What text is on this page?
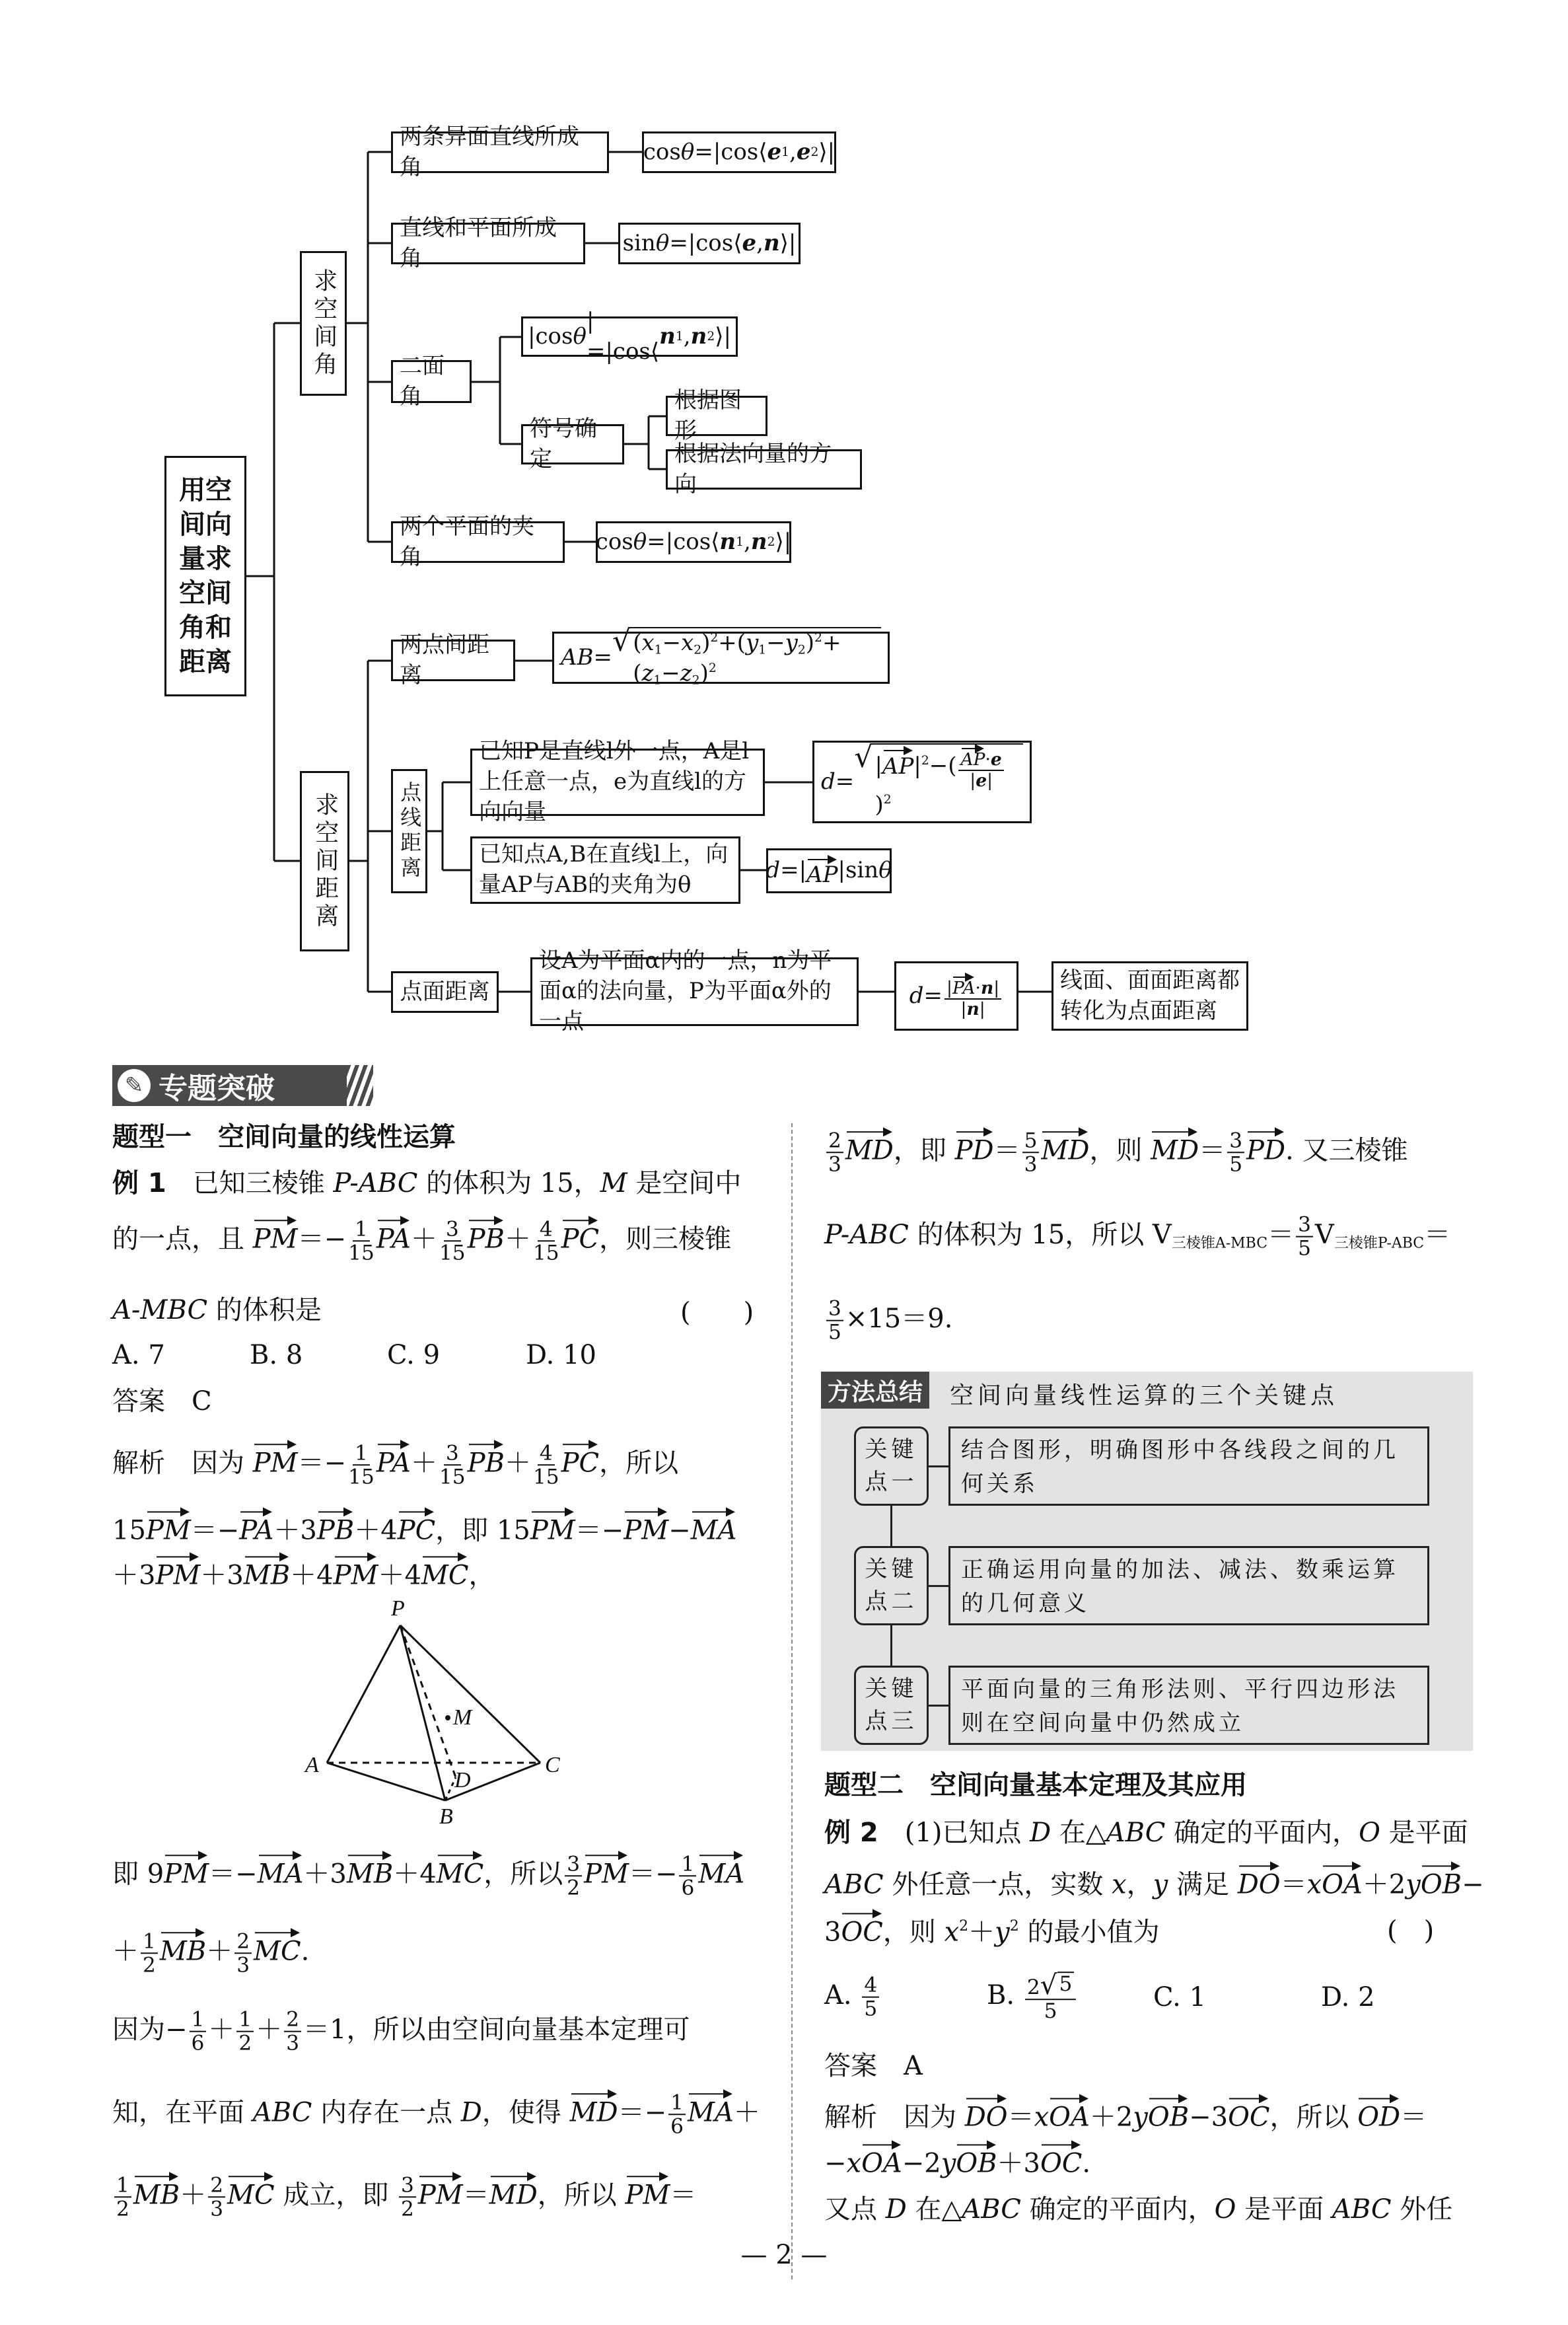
用空间向量求空间角和距离
求空间角
求空间距离
两条异面直线所成角
cos θ =|cos⟨ e 1 , e 2 ⟩|
直线和平面所成角
sin θ =|cos⟨ e , n ⟩|
二面角
|cos θ
| =|cos⟨
n 1 , n 2 ⟩|
符号确定
根据图形
根据法向量的方向
两个平面的夹角
cos θ =|cos⟨ n 1 , n 2 ⟩|
两点间距离
AB = √ $(x_1-x_2)^2+(y_1-y_2)^2+(z_1-z_2)^2$
点线距离
已知P是直线l外一点，A是l上任意一点，e为直线l的方向向量
d =
√ $|AP|^2-( \frac{AP\cdot e}{|e|}$
)$^2$
已知点A,B在直线l上，向量AP与AB的夹角为θ
d =| AP |sin θ
点面距离
设A为平面α内的一点，n为平面α的法向量，P为平面α外的一点
$d = \frac{|PA\cdot n|}{|n|}$	线面、面面距离都转化为点面距离
✎ 专题突破
题型一　空间向量的线性运算
例 1　已知三棱锥 P-ABC 的体积为 15，M 是空间中
的一点，且 $PM=- \frac{1}{15} PA+ \frac{3}{15} PB+ \frac{4}{15}$ PC，则三棱锥
A-MBC 的体积是	(　　)
A. 7	B. 8	C. 9	D. 10
答案　C
解析　因为 $PM=- \frac{1}{15} PA+ \frac{3}{15} PB+ \frac{4}{15}$ PC，所以
15PM＝−PA＋3PB＋4PC，即 15PM＝−PM−MA
＋3PM＋3MB＋4PM＋4MC，
P
M
A
D
C
B
即 9PM＝−MA＋3MB＋4MC，所以 $\frac{3}{2} PM=- \frac{1}{6}$ MA
＋ $\frac{1}{2} MB+ \frac{2}{3}$ MC.
因为− $\frac{1}{6} + \frac{1}{2} + \frac{2}{3} =1$，所以由空间向量基本定理可
知，在平面 ABC 内存在一点 D，使得 $MD=- \frac{1}{6} MA+$
$\frac{1}{2} MB+ \frac{2}{3}$ MC 成立，即 $\frac{3}{2} PM=MD$，所以 PM＝
$\frac{2}{3}$ MD，即 $PD= \frac{5}{3}$ MD，则 $MD= \frac{3}{5}$ PD. 又三棱锥
P-ABC 的体积为 15，所以 $V_{三棱锥A-MBC}= \frac{3}{5} V_{三棱锥P-ABC}=$
$\frac{3}{5} \times 15=9$.
方法总结 空间向量线性运算的三个关键点
关键点一
结合图形，明确图形中各线段之间的几何关系
关键点二
正确运用向量的加法、减法、数乘运算的几何意义
关键点三
平面向量的三角形法则、平行四边形法则在空间向量中仍然成立
题型二　空间向量基本定理及其应用
例 2　(1)已知点 D 在△ABC 确定的平面内，O 是平面
ABC 外任意一点，实数 x，y 满足 DO＝xOA＋2yOB−
3OC，则 $x^2+y^2$ 的最小值为	(　)
A. $\frac{4}{5}$	B. $\frac{2 √ 5}{5}$	C. 1	D. 2
答案　A
解析　因为 DO＝xOA＋2yOB−3OC，所以 OD＝
−xOA−2yOB＋3OC.
又点 D 在△ABC 确定的平面内，O 是平面 ABC 外任
— 2 —
